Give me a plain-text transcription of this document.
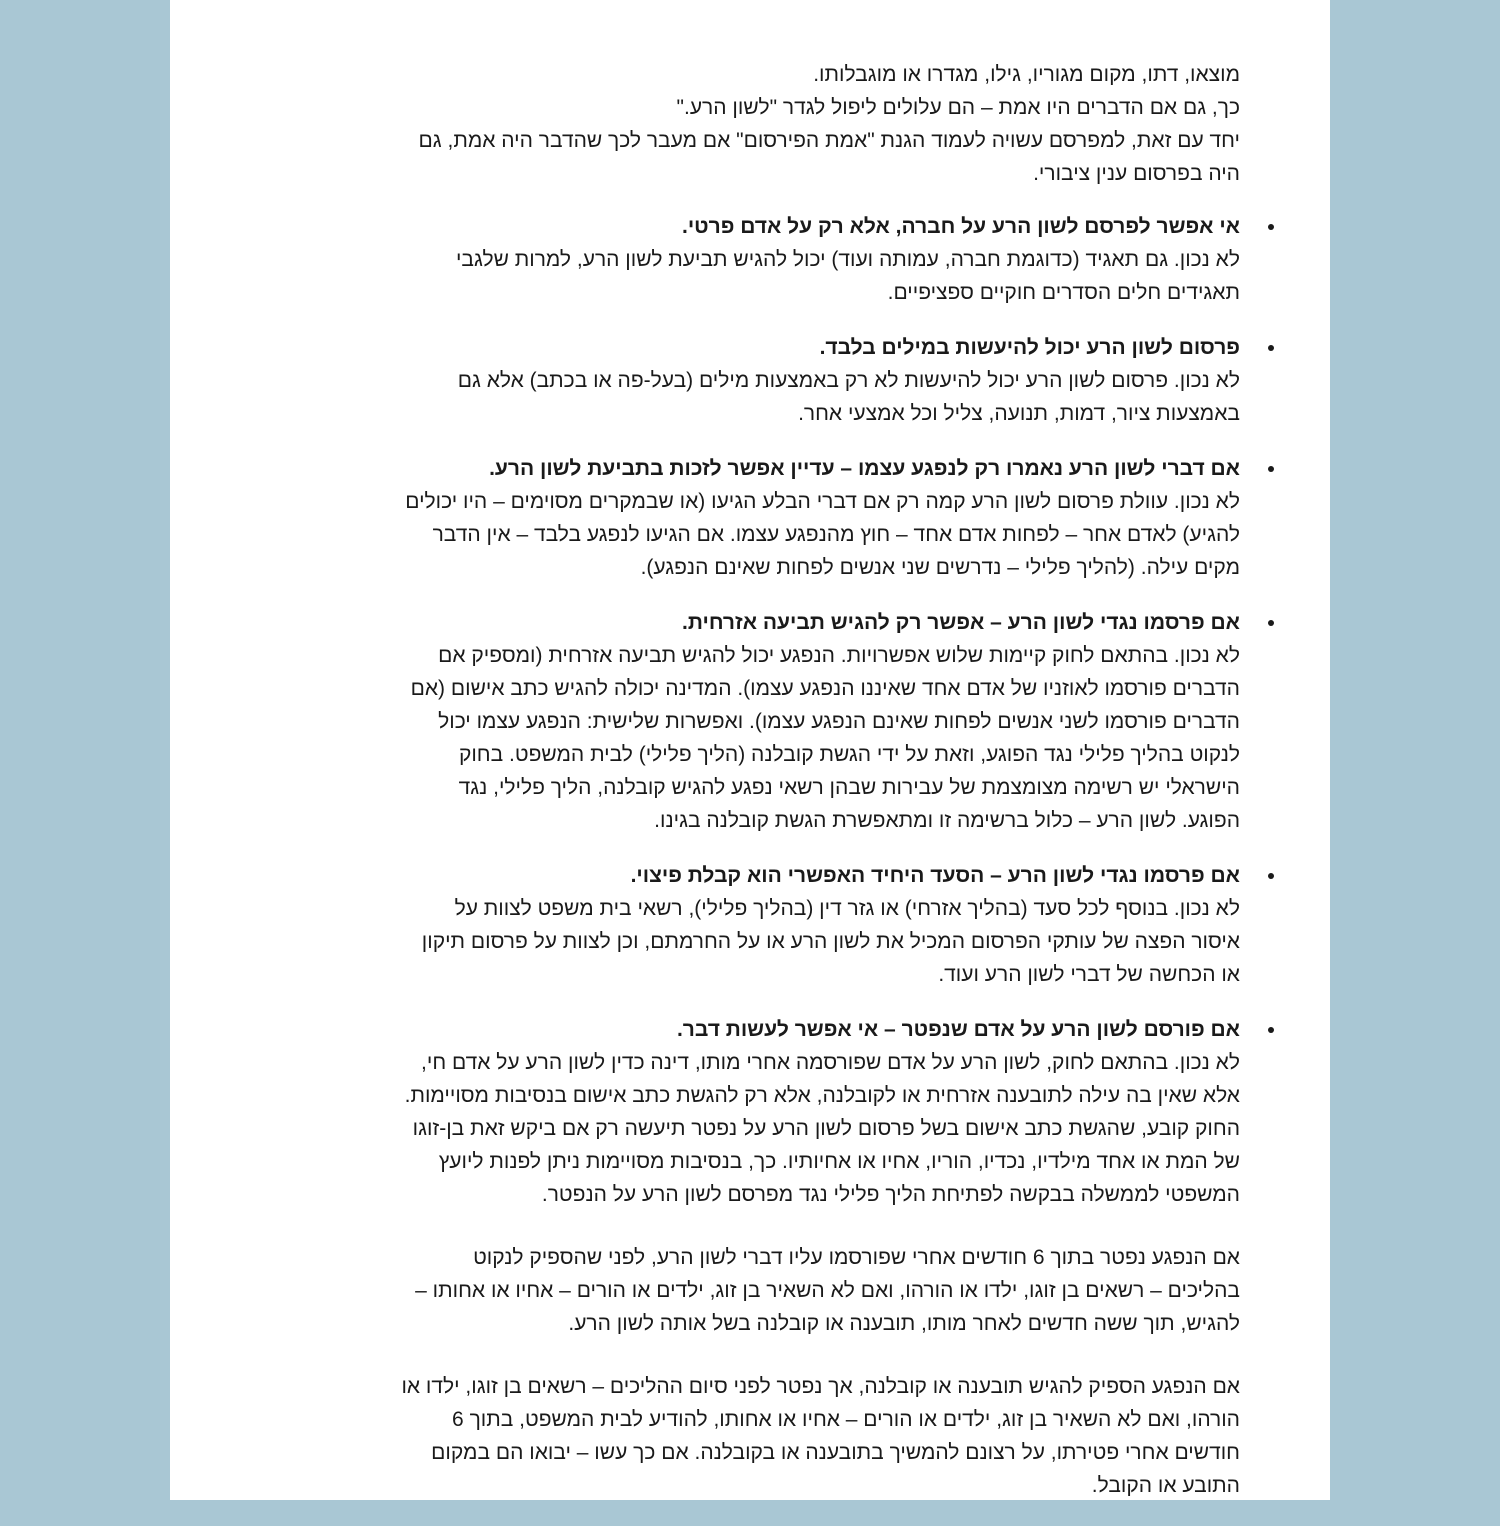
מוצאו, דתו, מקום מגוריו, גילו, מגדרו או מוגבלותו.
כך, גם אם הדברים היו אמת – הם עלולים ליפול לגדר "לשון הרע."
יחד עם זאת, למפרסם עשויה לעמוד הגנת "אמת הפירסום" אם מעבר לכך שהדבר היה אמת, גם
היה בפרסום ענין ציבורי.
אי אפשר לפרסם לשון הרע על חברה, אלא רק על אדם פרטי.
לא נכון. גם תאגיד (כדוגמת חברה, עמותה ועוד) יכול להגיש תביעת לשון הרע, למרות שלגבי
תאגידים חלים הסדרים חוקיים ספציפיים.
פרסום לשון הרע יכול להיעשות במילים בלבד.
לא נכון. פרסום לשון הרע יכול להיעשות לא רק באמצעות מילים (בעל-פה או בכתב) אלא גם
באמצעות ציור, דמות, תנועה, צליל וכל אמצעי אחר.
אם דברי לשון הרע נאמרו רק לנפגע עצמו – עדיין אפשר לזכות בתביעת לשון הרע.
לא נכון. עוולת פרסום לשון הרע קמה רק אם דברי הבלע הגיעו (או שבמקרים מסוימים – היו יכולים
להגיע) לאדם אחר – לפחות אדם אחד – חוץ מהנפגע עצמו. אם הגיעו לנפגע בלבד – אין הדבר
מקים עילה. (להליך פלילי – נדרשים שני אנשים לפחות שאינם הנפגע).
אם פרסמו נגדי לשון הרע – אפשר רק להגיש תביעה אזרחית.
לא נכון. בהתאם לחוק קיימות שלוש אפשרויות. הנפגע יכול להגיש תביעה אזרחית (ומספיק אם
הדברים פורסמו לאוזניו של אדם אחד שאיננו הנפגע עצמו). המדינה יכולה להגיש כתב אישום (אם
הדברים פורסמו לשני אנשים לפחות שאינם הנפגע עצמו). ואפשרות שלישית: הנפגע עצמו יכול
לנקוט בהליך פלילי נגד הפוגע, וזאת על ידי הגשת קובלנה (הליך פלילי) לבית המשפט. בחוק
הישראלי יש רשימה מצומצמת של עבירות שבהן רשאי נפגע להגיש קובלנה, הליך פלילי, נגד
הפוגע. לשון הרע – כלול ברשימה זו ומתאפשרת הגשת קובלנה בגינו.
אם פרסמו נגדי לשון הרע – הסעד היחיד האפשרי הוא קבלת פיצוי.
לא נכון. בנוסף לכל סעד (בהליך אזרחי) או גזר דין (בהליך פלילי), רשאי בית משפט לצוות על
איסור הפצה של עותקי הפרסום המכיל את לשון הרע או על החרמתם, וכן לצוות על פרסום תיקון
או הכחשה של דברי לשון הרע ועוד.
אם פורסם לשון הרע על אדם שנפטר – אי אפשר לעשות דבר.
לא נכון. בהתאם לחוק, לשון הרע על אדם שפורסמה אחרי מותו, דינה כדין לשון הרע על אדם חי,
אלא שאין בה עילה לתובענה אזרחית או לקובלנה, אלא רק להגשת כתב אישום בנסיבות מסויימות.
החוק קובע, שהגשת כתב אישום בשל פרסום לשון הרע על נפטר תיעשה רק אם ביקש זאת בן-זוגו
של המת או אחד מילדיו, נכדיו, הוריו, אחיו או אחיותיו. כך, בנסיבות מסויימות ניתן לפנות ליועץ
המשפטי לממשלה בבקשה לפתיחת הליך פלילי נגד מפרסם לשון הרע על הנפטר.
אם הנפגע נפטר בתוך 6 חודשים אחרי שפורסמו עליו דברי לשון הרע, לפני שהספיק לנקוט
בהליכים – רשאים בן זוגו, ילדו או הורהו, ואם לא השאיר בן זוג, ילדים או הורים – אחיו או אחותו –
להגיש, תוך ששה חדשים לאחר מותו, תובענה או קובלנה בשל אותה לשון הרע.
אם הנפגע הספיק להגיש תובענה או קובלנה, אך נפטר לפני סיום ההליכים – רשאים בן זוגו, ילדו או
הורהו, ואם לא השאיר בן זוג, ילדים או הורים – אחיו או אחותו, להודיע לבית המשפט, בתוך 6
חודשים אחרי פטירתו, על רצונם להמשיך בתובענה או בקובלנה. אם כך עשו – יבואו הם במקום
התובע או הקובל.
